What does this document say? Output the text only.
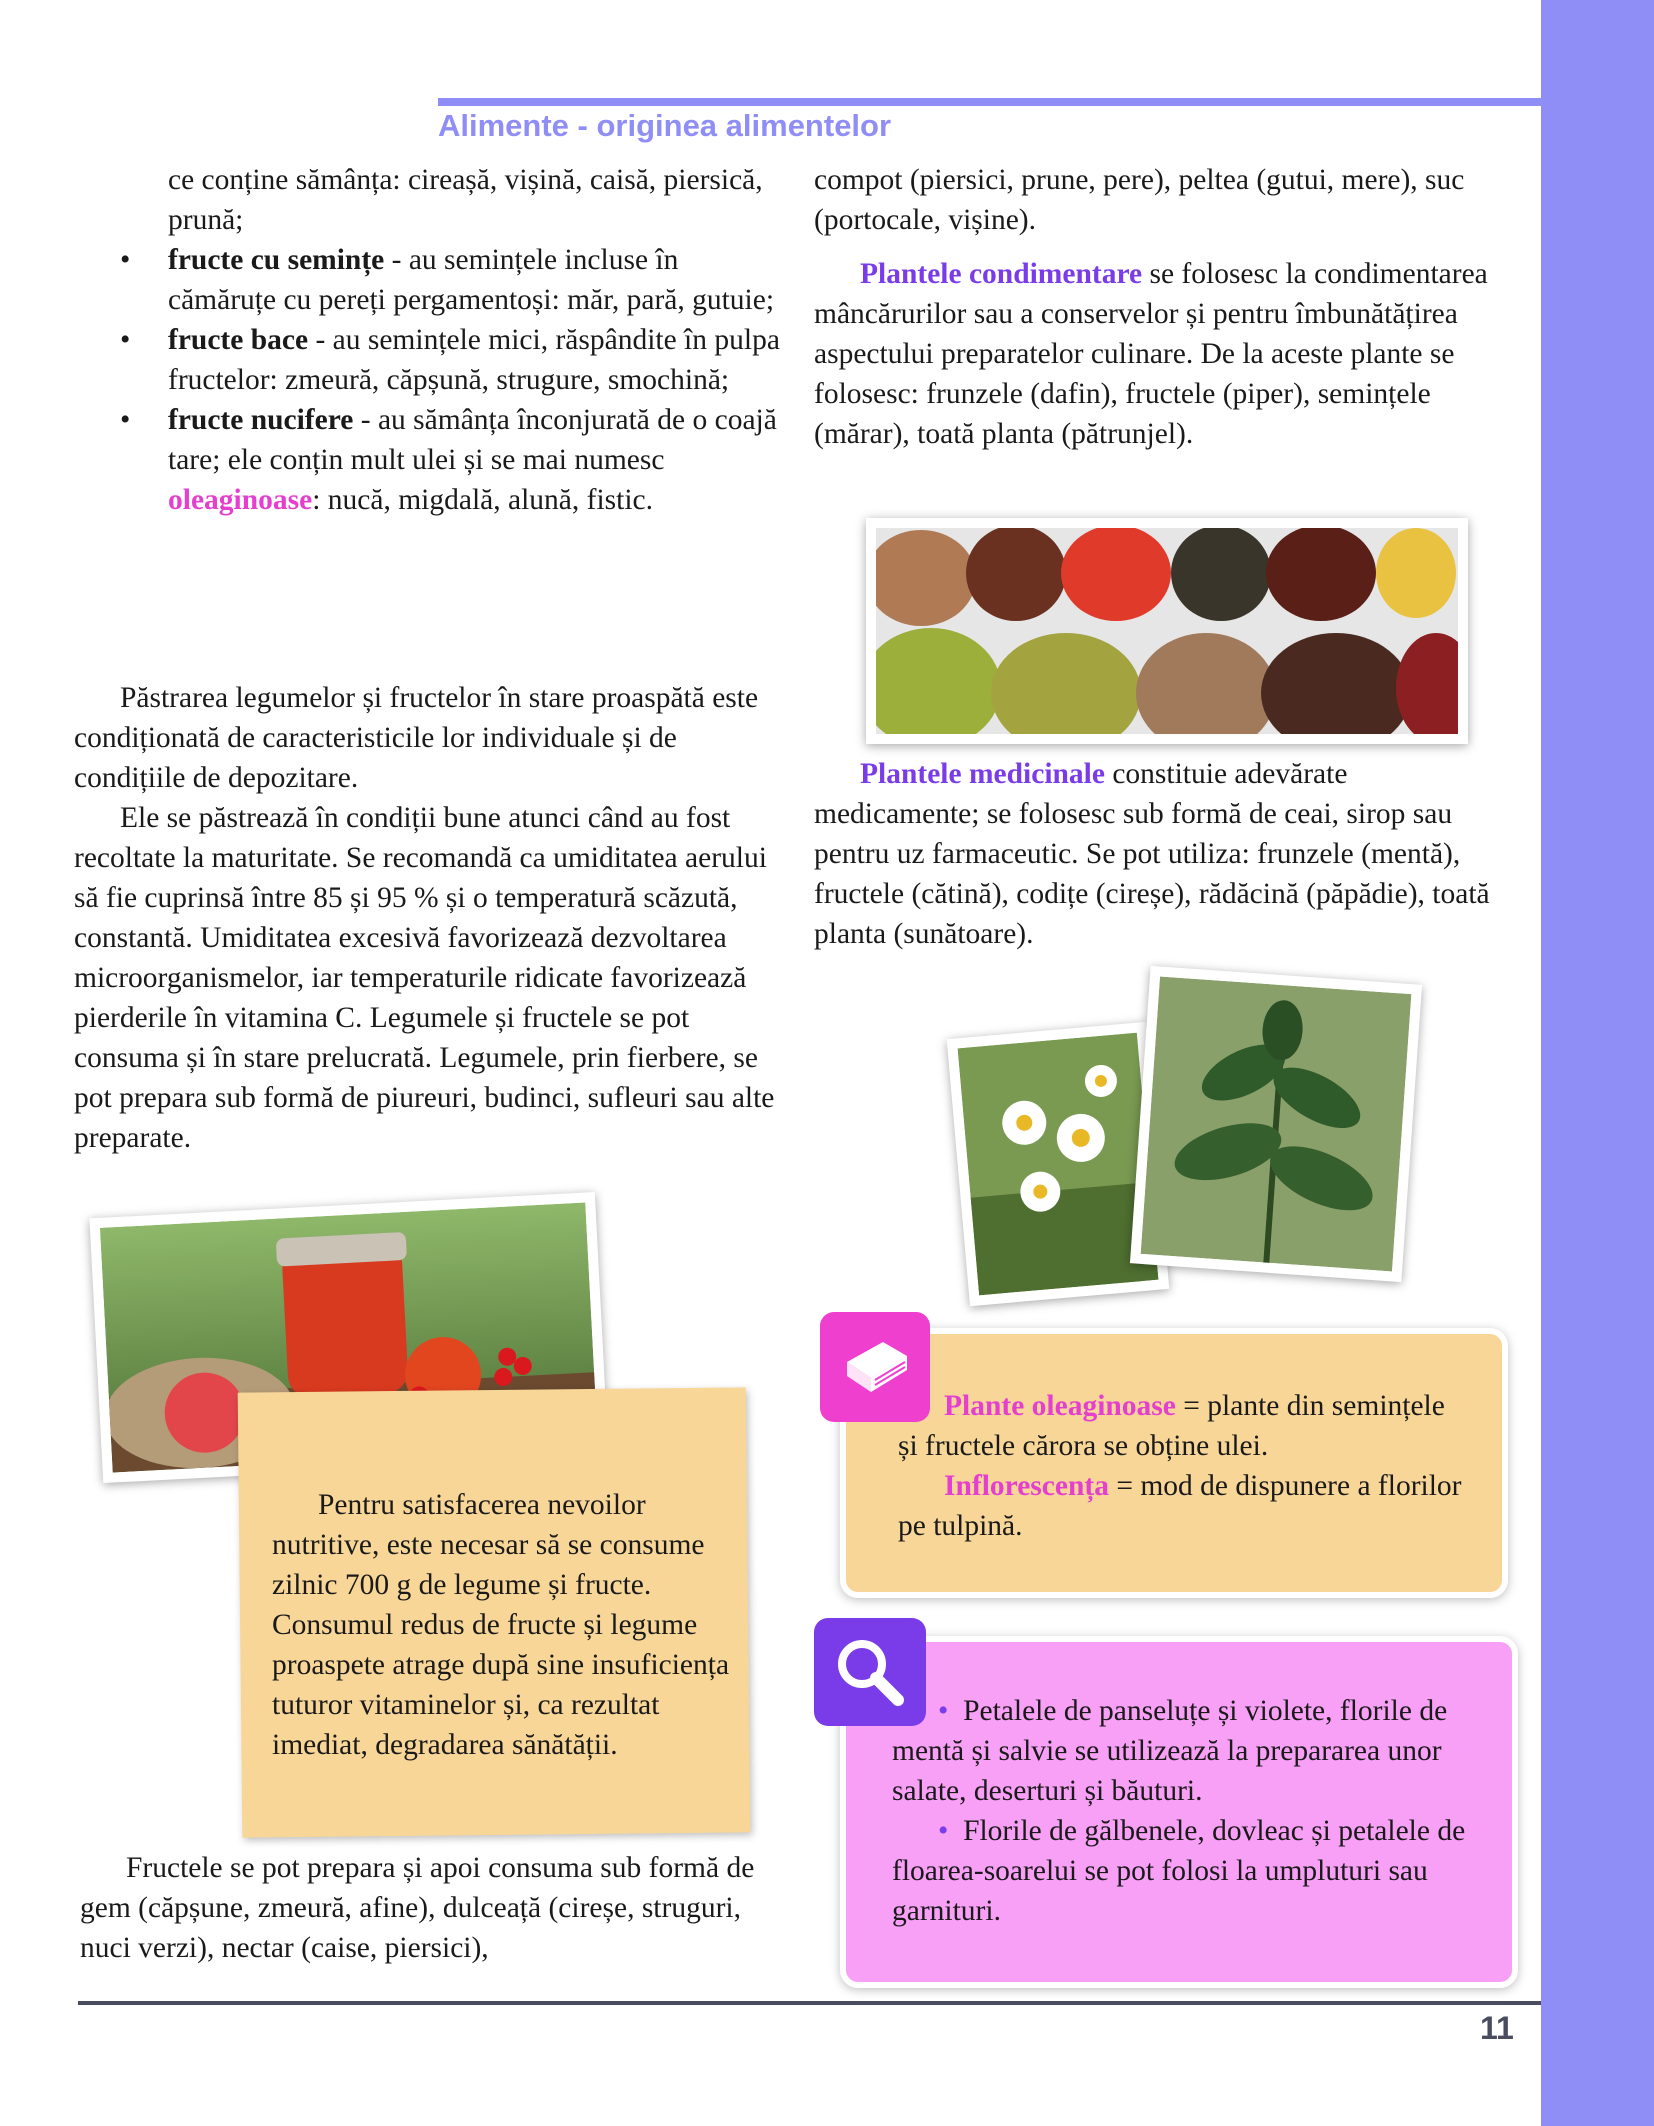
Alimente - originea alimentelor

ce conține sămânța: cireașă, vișină, caisă, piersică, prună;

• fructe cu semințe - au semințele incluse în cămăruțe cu pereți pergamentoși: măr, pară, gutuie;
• fructe bace - au semințele mici, răspândite în pulpa fructelor: zmeură, căpșună, strugure, smochină;
• fructe nucifere - au sămânța înconjurată de o coajă tare; ele conțin mult ulei și se mai numesc oleaginoase: nucă, migdală, alună, fistic.

Păstrarea legumelor și fructelor în stare proaspătă este condiționată de caracteristicile lor individuale și de condițiile de depozitare.

Ele se păstrează în condiții bune atunci când au fost recoltate la maturitate. Se recomandă ca umiditatea aerului să fie cuprinsă între 85 și 95 % și o temperatură scăzută, constantă. Umiditatea excesivă favorizează dezvoltarea microorganismelor, iar temperaturile ridicate favorizează pierderile în vitamina C. Legumele și fructele se pot consuma și în stare prelucrată. Legumele, prin fierbere, se pot prepara sub formă de piureuri, budinci, sufleuri sau alte preparate.

Pentru satisfacerea nevoilor nutritive, este necesar să se consume zilnic 700 g de legume și fructe. Consumul redus de fructe și legume proaspete atrage după sine insuficiența tuturor vitaminelor și, ca rezultat imediat, degradarea sănătății.

Fructele se pot prepara și apoi consuma sub formă de gem (căpșune, zmeură, afine), dulceață (cireșe, struguri, nuci verzi), nectar (caise, piersici),

compot (piersici, prune, pere), peltea (gutui, mere), suc (portocale, vișine).

Plantele condimentare se folosesc la condimentarea mâncărurilor sau a conservelor și pentru îmbunătățirea aspectului preparatelor culinare. De la aceste plante se folosesc: frunzele (dafin), fructele (piper), semințele (mărar), toată planta (pătrunjel).

Plantele medicinale constituie adevărate medicamente; se folosesc sub formă de ceai, sirop sau pentru uz farmaceutic. Se pot utiliza: frunzele (mentă), fructele (cătină), codițe (cireșe), rădăcină (păpădie), toată planta (sunătoare).

Plante oleaginoase = plante din semințele și fructele cărora se obține ulei.

Inflorescența = mod de dispunere a florilor pe tulpină.

• Petalele de panseluțe și violete, florile de mentă și salvie se utilizează la prepararea unor salate, deserturi și băuturi.

• Florile de gălbenele, dovleac și petalele de floarea-soarelui se pot folosi la umpluturi sau garnituri.

11
